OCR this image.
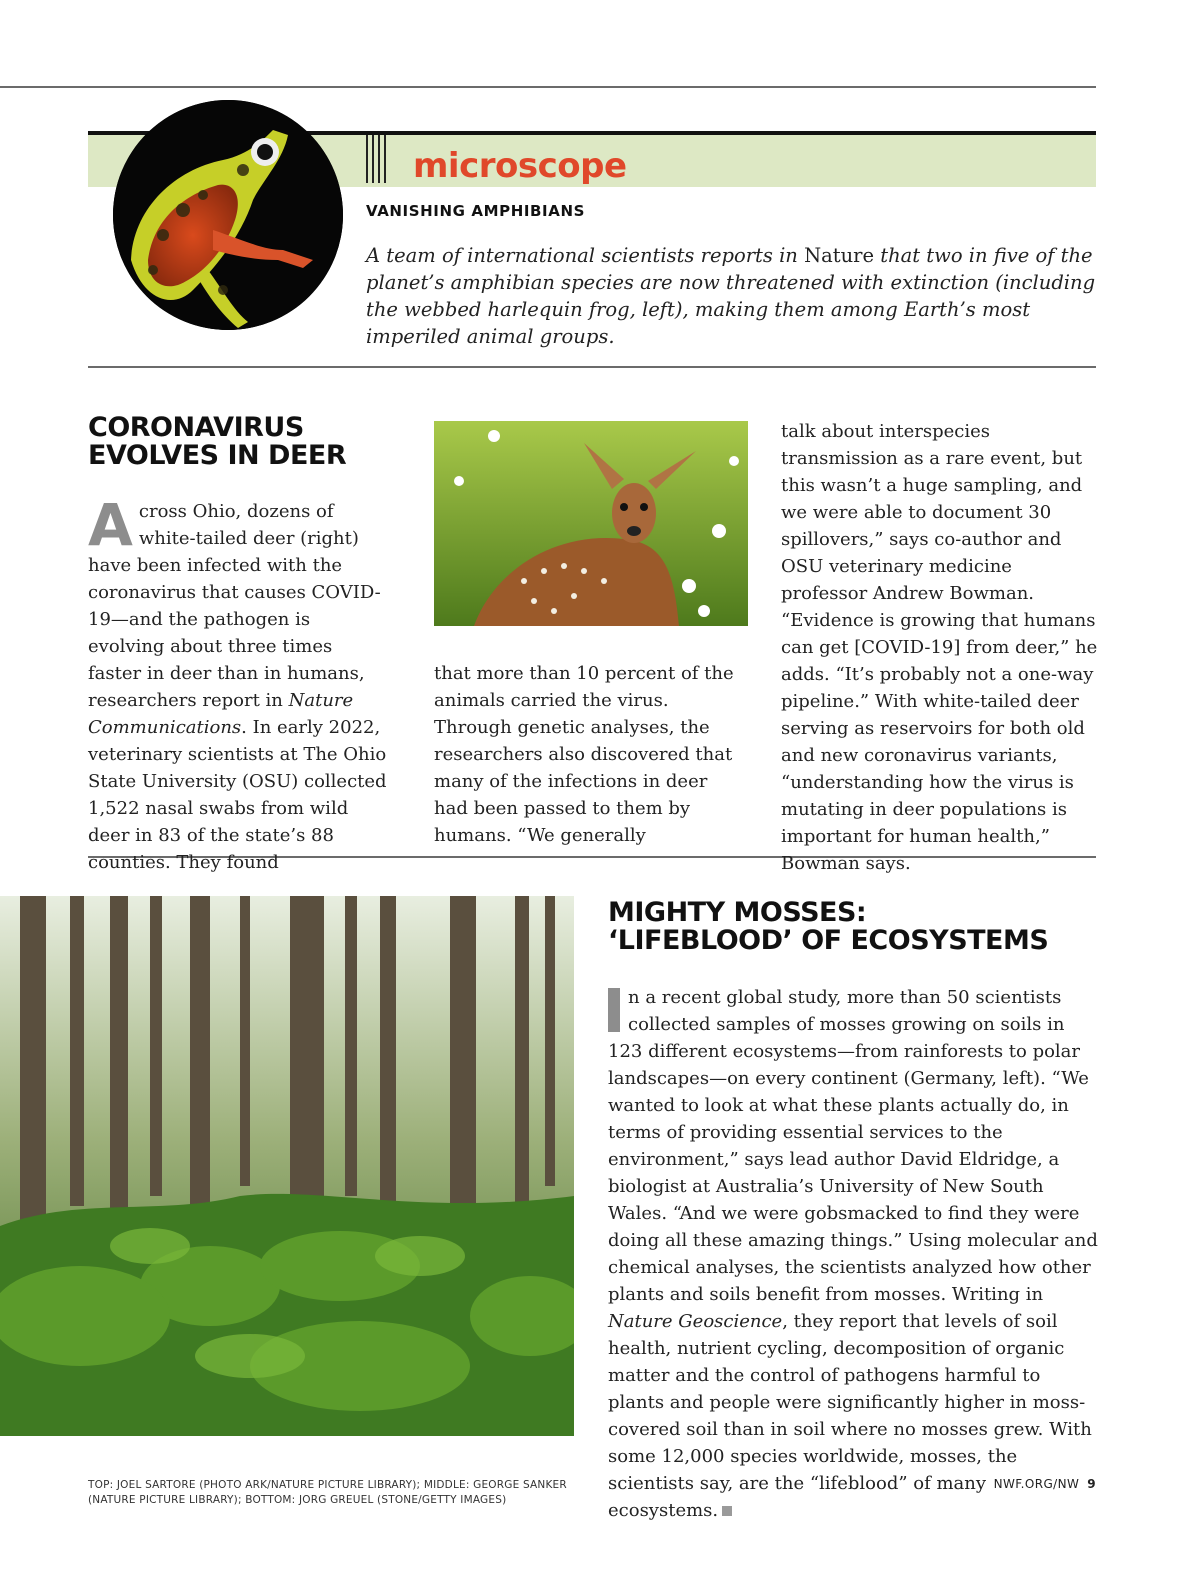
microscope
VANISHING AMPHIBIANS
A team of international scientists reports in Nature that two in five of the planet’s amphibian species are now threatened with extinction (including the webbed harlequin frog, left), making them among Earth’s most imperiled animal groups.
CORONAVIRUS
EVOLVES IN DEER

Across Ohio, dozens of white-tailed deer (right) have been infected with the coronavirus that causes COVID-19—and the pathogen is evolving about three times faster in deer than in humans, researchers report in Nature Communications. In early 2022, veterinary scientists at The Ohio State University (OSU) collected 1,522 nasal swabs from wild deer in 83 of the state’s 88 counties. They found

that more than 10 percent of the animals carried the virus. Through genetic analyses, the researchers also discovered that many of the infections in deer had been passed to them by humans. “We generally

talk about interspecies transmission as a rare event, but this wasn’t a huge sampling, and we were able to document 30 spillovers,” says co-author and OSU veterinary medicine professor Andrew Bowman. “Evidence is growing that humans can get [COVID-19] from deer,” he adds. “It’s probably not a one-way pipeline.” With white-tailed deer serving as reservoirs for both old and new coronavirus variants, “understanding how the virus is mutating in deer populations is important for human health,” Bowman says.

MIGHTY MOSSES:
‘LIFEBLOOD’ OF ECOSYSTEMS

n a recent global study, more than 50 scientists collected samples of mosses growing on soils in 123 different ecosystems—from rainforests to polar landscapes—on every continent (Germany, left). “We wanted to look at what these plants actually do, in terms of providing essential services to the environment,” says lead author David Eldridge, a biologist at Australia’s University of New South Wales. “And we were gobsmacked to find they were doing all these amazing things.” Using molecular and chemical analyses, the scientists analyzed how other plants and soils benefit from mosses. Writing in Nature Geoscience, they report that levels of soil health, nutrient cycling, decomposition of organic matter and the control of pathogens harmful to plants and people were significantly higher in moss-covered soil than in soil where no mosses grew. With some 12,000 species worldwide, mosses, the scientists say, are the “lifeblood” of many ecosystems.

TOP: JOEL SARTORE (PHOTO ARK/NATURE PICTURE LIBRARY); MIDDLE: GEORGE SANKER (NATURE PICTURE LIBRARY); BOTTOM: JORG GREUEL (STONE/GETTY IMAGES)
NWF.ORG/NW 9
